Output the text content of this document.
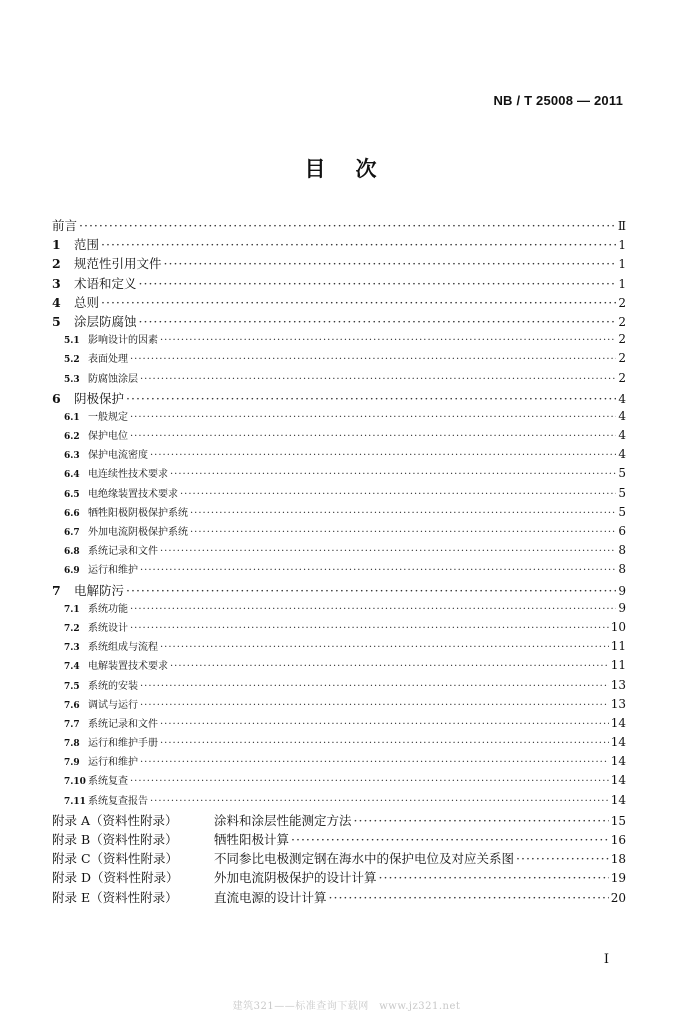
NB / T 25008 — 2011
目次
前言 ·····	Ⅱ
1	范围 ·····	1
2	规范性引用文件 ·····	1
3	术语和定义 ·····	1
4	总则 ·····	2
5	涂层防腐蚀 ·····	2
5.1 影响设计的因素 ·····	2
5.2 表面处理 ·····	2
5.3 防腐蚀涂层 ·····	2
6	阴极保护 ·····	4
6.1 一般规定 ·····	4
6.2 保护电位 ·····	4
6.3 保护电流密度 ·····	4
6.4 电连续性技术要求 ·····	5
6.5 电绝缘装置技术要求 ·····	5
6.6 牺牲阳极阴极保护系统 ·····	5
6.7 外加电流阴极保护系统 ·····	6
6.8 系统记录和文件 ·····	8
6.9 运行和维护 ·····	8
7	电解防污 ·····	9
7.1 系统功能 ·····	9
7.2 系统设计 ·····	10
7.3 系统组成与流程 ·····	11
7.4 电解装置技术要求 ·····	11
7.5 系统的安装 ·····	13
7.6 调试与运行 ·····	13
7.7 系统记录和文件 ·····	14
7.8 运行和维护手册 ·····	14
7.9 运行和维护 ·····	14
7.10 系统复查 ·····	14
7.11 系统复查报告 ·····	14
附录 A（资料性附录）	涂料和涂层性能测定方法 ·····	15
附录 B（资料性附录）	牺牲阳极计算 ·····	16
附录 C（资料性附录）	不同参比电极测定钢在海水中的保护电位及对应关系图 ·····	18
附录 D（资料性附录）	外加电流阴极保护的设计计算 ·····	19
附录 E（资料性附录）	直流电源的设计计算 ·····	20
I
建筑321——标准查询下载网　www.jz321.net
